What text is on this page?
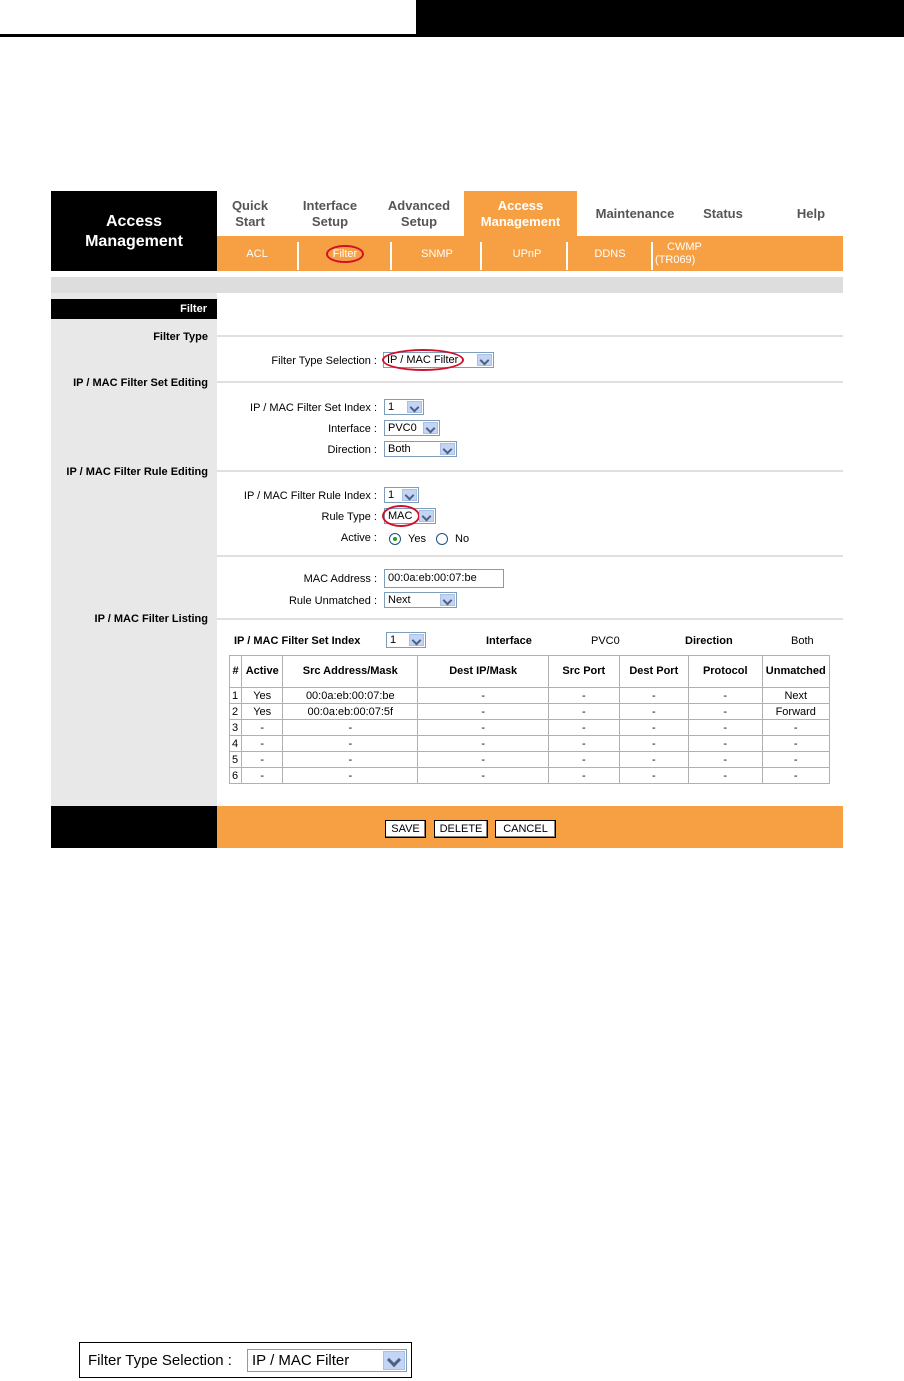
Access
Management
Quick
Start
Interface
Setup
Advanced
Setup
Access
Management
Maintenance Status	Help
ACL	Filter	SNMP	UPnP	DDNS
CWMP
(TR069)
Filter
Filter Type
IP / MAC Filter Set Editing
IP / MAC Filter Rule Editing
IP / MAC Filter Listing
Filter Type Selection : IP / MAC Filter
IP / MAC Filter Set Index :	1
Interface :	PVC0
Direction :	Both
IP / MAC Filter Rule Index :	1
Rule Type :	MAC
Active :	Yes	No
MAC Address :	00:0a:eb:00:07:be
Rule Unmatched :	Next
IP / MAC Filter Set Index	1	Interface	PVC0	Direction	Both
#	Active	Src Address/Mask	Dest IP/Mask	Src Port	Dest Port	Protocol	Unmatched
1	Yes	00:0a:eb:00:07:be	-	-	-	-	Next
2	Yes	00:0a:eb:00:07:5f	-	-	-	-	Forward
3	-	-	-	-	-	-	-
4	-	-	-	-	-	-	-
5	-	-	-	-	-	-	-
6	-	-	-	-	-	-	-
SAVE	DELETE	CANCEL
Filter Type Selection :	IP / MAC Filter
